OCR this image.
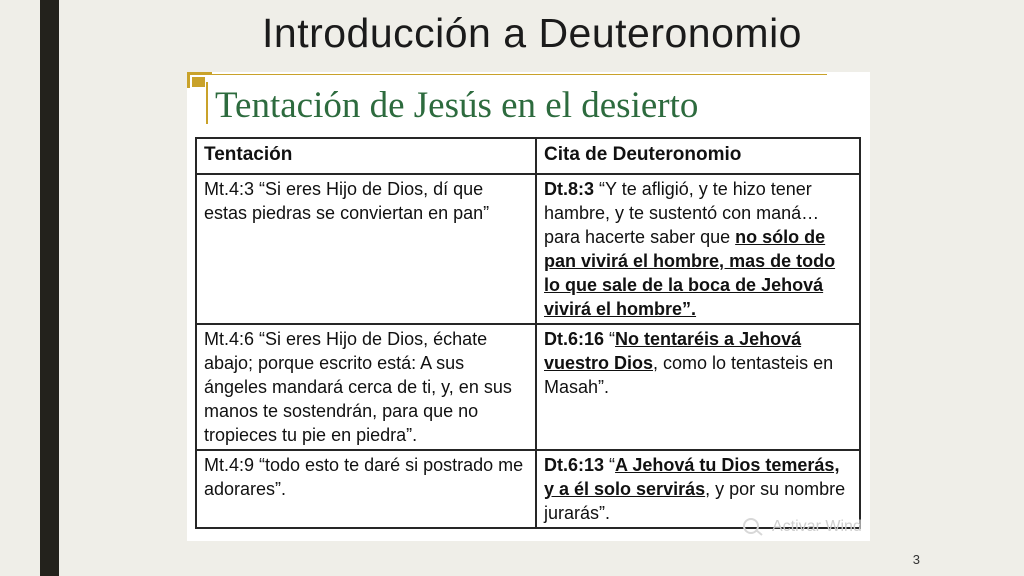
Introducción a Deuteronomio
Tentación de Jesús en el desierto
Tentación	Cita de Deuteronomio
Mt.4:3 “Si eres Hijo de Dios, dí que estas piedras se conviertan en pan”	Dt.8:3 “Y te afligió, y te hizo tener hambre, y te sustentó con maná… para hacerte saber que no sólo de pan vivirá el hombre, mas de todo lo que sale de la boca de Jehová vivirá el hombre”.
Mt.4:6 “Si eres Hijo de Dios, échate abajo; porque escrito está: A sus ángeles mandará cerca de ti, y, en sus manos te sostendrán, para que no tropieces tu pie en piedra”.	Dt.6:16 “No tentaréis a Jehová vuestro Dios, como lo tentasteis en Masah”.
Mt.4:9 “todo esto te daré si postrado me adorares”.	Dt.6:13 “A Jehová tu Dios temerás, y a él solo servirás, y por su nombre jurarás”.
Activar Wind
3
